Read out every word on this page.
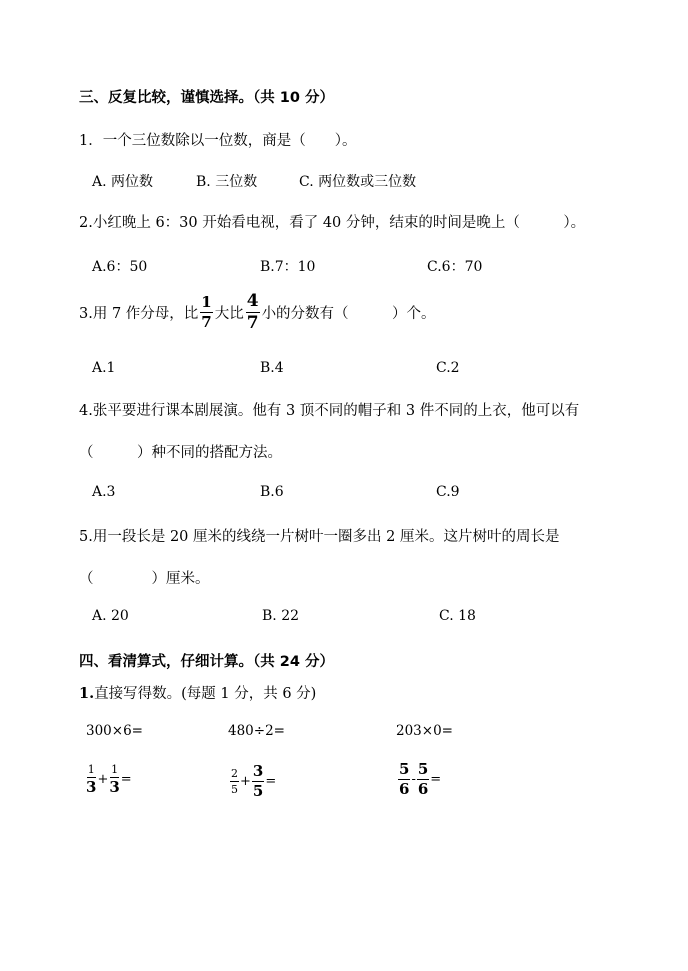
三、反复比较，谨慎选择。（共 10 分）
1．一个三位数除以一位数，商是（　　）。
A. 两位数	B. 三位数	C. 两位数或三位数
2.小红晚上 6：30 开始看电视，看了 40 分钟，结束的时间是晚上（　　　）。
A.6：50	B.7：10	C.6：70
3.用 7 作分母，比 $\frac{1}{7}$ 大比 $\frac{4}{7}$ 小的分数有（　　　）个。
A.1	B.4	C.2
4.张平要进行课本剧展演。他有 3 顶不同的帽子和 3 件不同的上衣，他可以有
（　　　）种不同的搭配方法。
A.3	B.6	C.9
5.用一段长是 20 厘米的线绕一片树叶一圈多出 2 厘米。这片树叶的周长是
（　　　　）厘米。
A. 20	B. 22	C. 18
四、看清算式，仔细计算。（共 24 分）
1.直接写得数。(每题 1 分，共 6 分)
300×6=	480÷2=	203×0=
$\frac{1}{3} + \frac{1}{3}$ =	$\frac{2}{5} + \frac{3}{5}$ =	$\frac{5}{6} - \frac{5}{6}$ =
